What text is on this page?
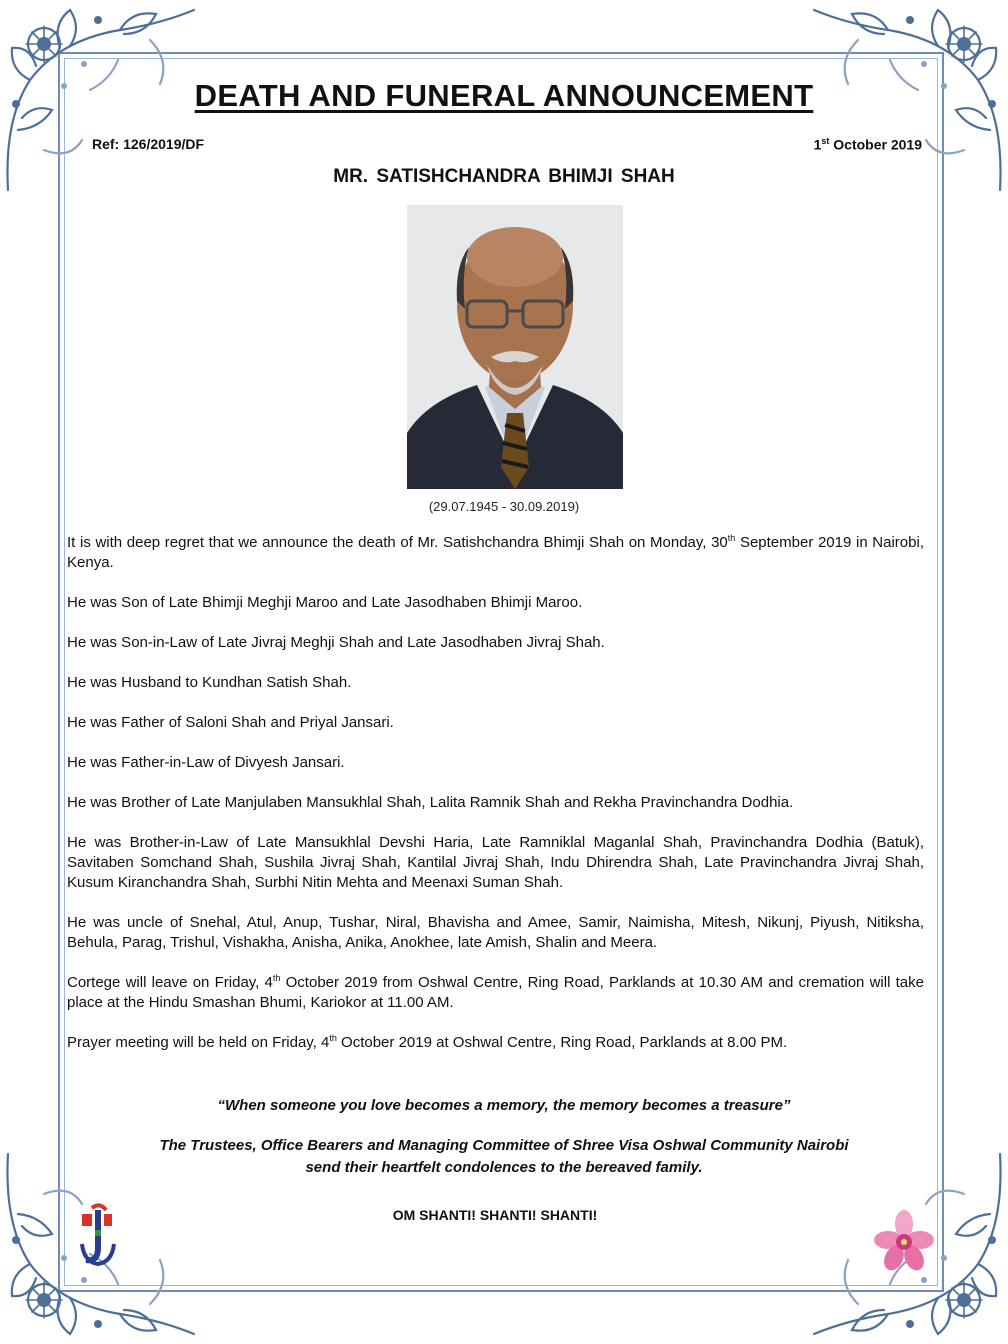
DEATH AND FUNERAL ANNOUNCEMENT
Ref: 126/2019/DF	1st October 2019
MR. SATISHCHANDRA BHIMJI SHAH
(29.07.1945 - 30.09.2019)

It is with deep regret that we announce the death of Mr. Satishchandra Bhimji Shah on Monday, 30th September 2019 in Nairobi, Kenya.

He was Son of Late Bhimji Meghji Maroo and Late Jasodhaben Bhimji Maroo.

He was Son-in-Law of Late Jivraj Meghji Shah and Late Jasodhaben Jivraj Shah.

He was Husband to Kundhan Satish Shah.

He was Father of Saloni Shah and Priyal Jansari.

He was Father-in-Law of Divyesh Jansari.

He was Brother of Late Manjulaben Mansukhlal Shah, Lalita Ramnik Shah and Rekha Pravinchandra Dodhia.

He was Brother-in-Law of Late Mansukhlal Devshi Haria, Late Ramniklal Maganlal Shah, Pravinchandra Dodhia (Batuk), Savitaben Somchand Shah, Sushila Jivraj Shah, Kantilal Jivraj Shah, Indu Dhirendra Shah, Late Pravinchandra Jivraj Shah, Kusum Kiranchandra Shah, Surbhi Nitin Mehta and Meenaxi Suman Shah.

He was uncle of Snehal, Atul, Anup, Tushar, Niral, Bhavisha and Amee, Samir, Naimisha, Mitesh, Nikunj, Piyush, Nitiksha, Behula, Parag, Trishul, Vishakha, Anisha, Anika, Anokhee, late Amish, Shalin and Meera.

Cortege will leave on Friday, 4th October 2019 from Oshwal Centre, Ring Road, Parklands at 10.30 AM and cremation will take place at the Hindu Smashan Bhumi, Kariokor at 11.00 AM.

Prayer meeting will be held on Friday, 4th October 2019 at Oshwal Centre, Ring Road, Parklands at 8.00 PM.

“When someone you love becomes a memory, the memory becomes a treasure”
The Trustees, Office Bearers and Managing Committee of Shree Visa Oshwal Community Nairobi
send their heartfelt condolences to the bereaved family.
OM SHANTI! SHANTI! SHANTI!
